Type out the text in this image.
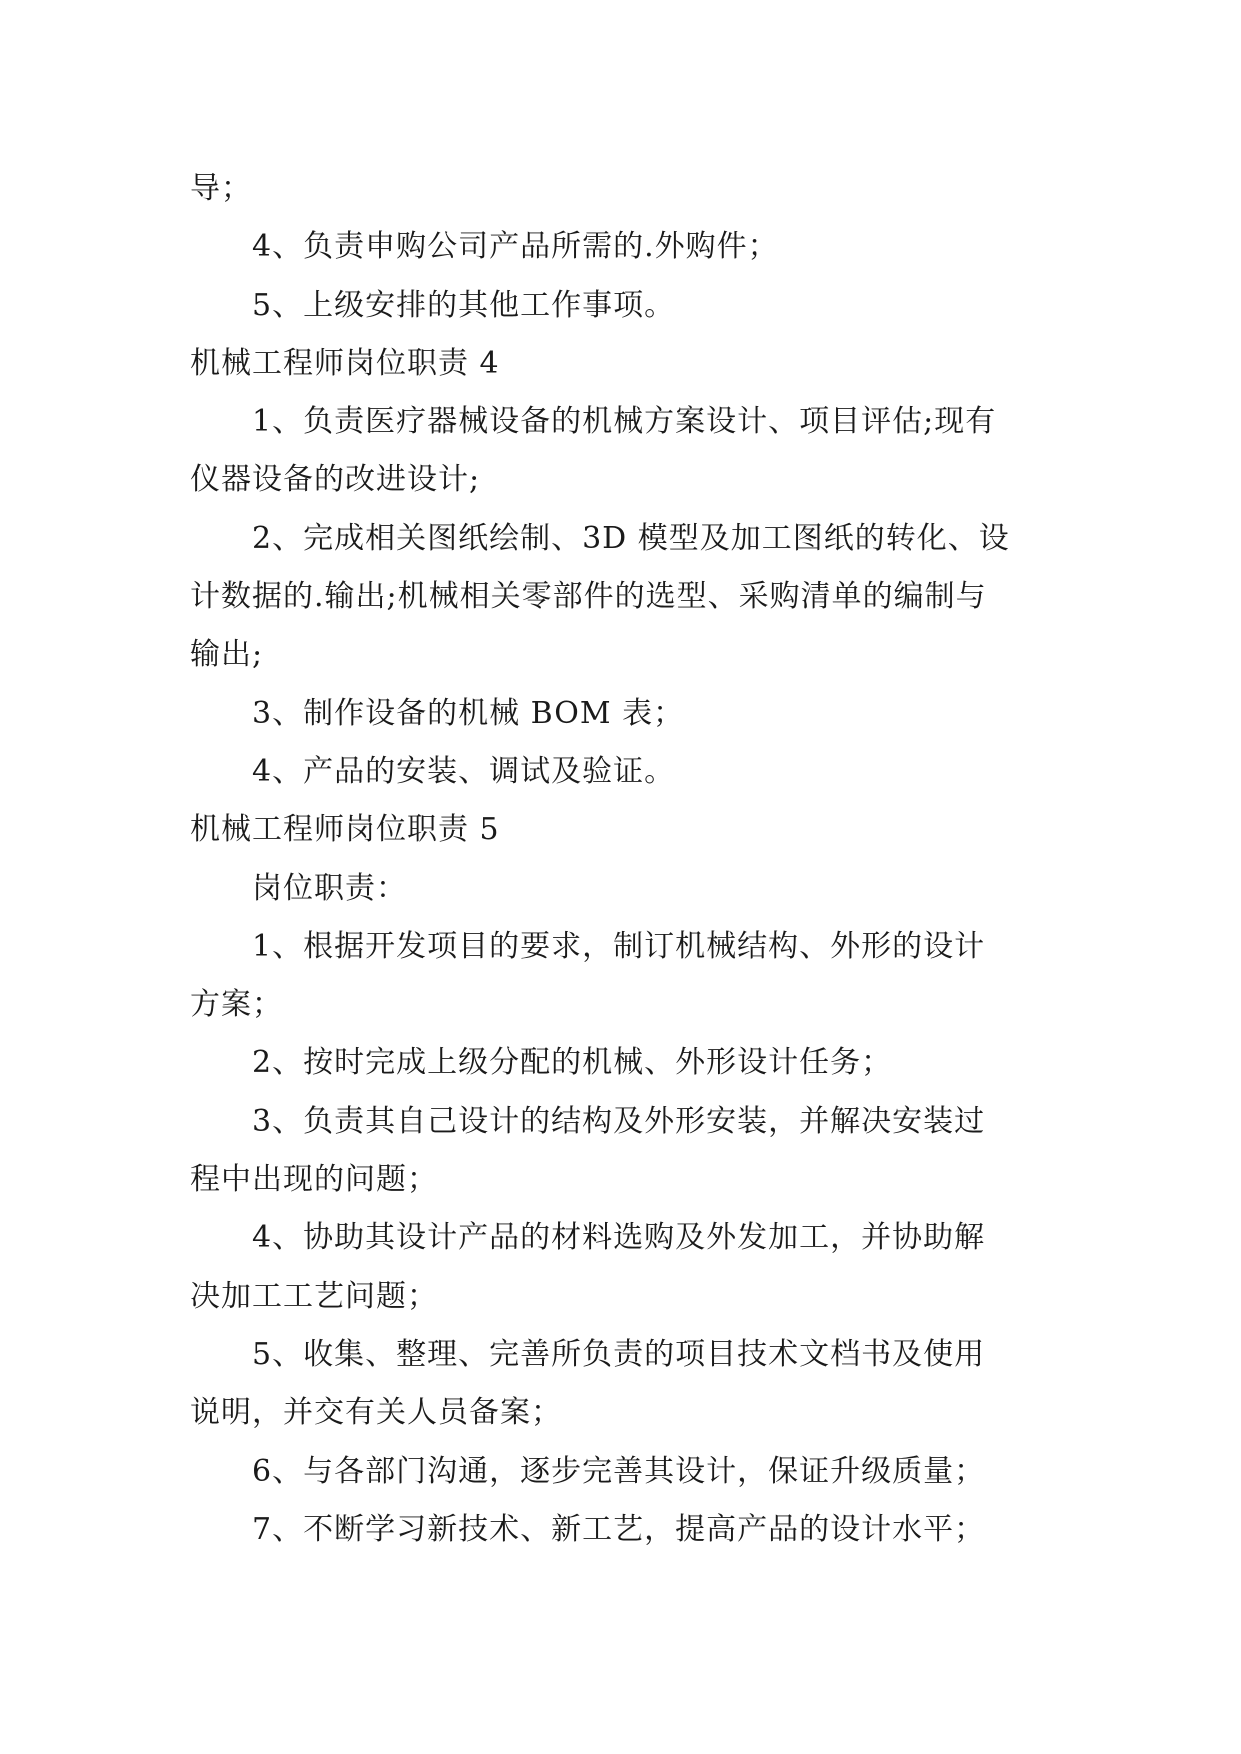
导；
4、负责申购公司产品所需的.外购件；
5、上级安排的其他工作事项。
机械工程师岗位职责 4
1、负责医疗器械设备的机械方案设计、项目评估;现有
仪器设备的改进设计;
2、完成相关图纸绘制、3D 模型及加工图纸的转化、设
计数据的.输出;机械相关零部件的选型、采购清单的编制与
输出;
3、制作设备的机械 BOM 表；
4、产品的安装、调试及验证。
机械工程师岗位职责 5
岗位职责：
1、根据开发项目的要求，制订机械结构、外形的设计
方案；
2、按时完成上级分配的机械、外形设计任务；
3、负责其自己设计的结构及外形安装，并解决安装过
程中出现的问题；
4、协助其设计产品的材料选购及外发加工，并协助解
决加工工艺问题；
5、收集、整理、完善所负责的项目技术文档书及使用
说明，并交有关人员备案；
6、与各部门沟通，逐步完善其设计，保证升级质量；
7、不断学习新技术、新工艺，提高产品的设计水平；
